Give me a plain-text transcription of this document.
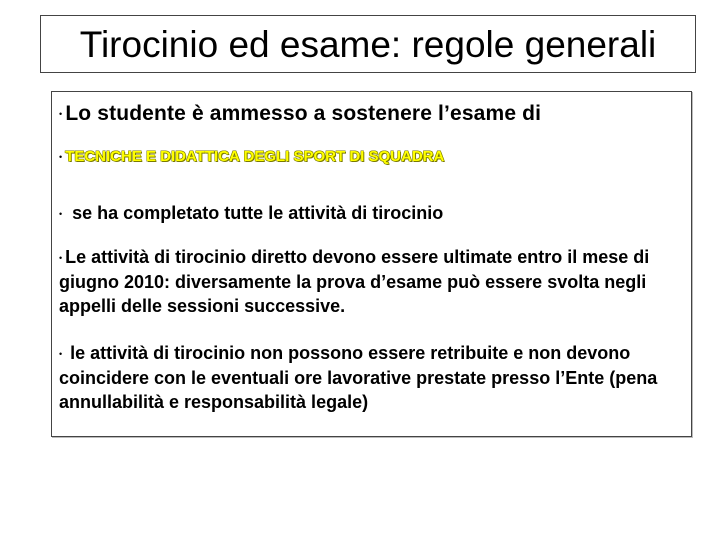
Tirocinio ed esame: regole generali
• Lo studente è ammesso a sostenere l’esame di
• TECNICHE E DIDATTICA DEGLI SPORT DI SQUADRA
• se ha completato tutte le attività di tirocinio
• Le attività di tirocinio diretto devono essere ultimate entro il mese di giugno 2010: diversamente la prova d’esame può essere svolta negli appelli delle sessioni successive.
• le attività di tirocinio non possono essere retribuite e non devono coincidere con le eventuali ore lavorative prestate presso l’Ente (pena annullabilità e responsabilità legale)
